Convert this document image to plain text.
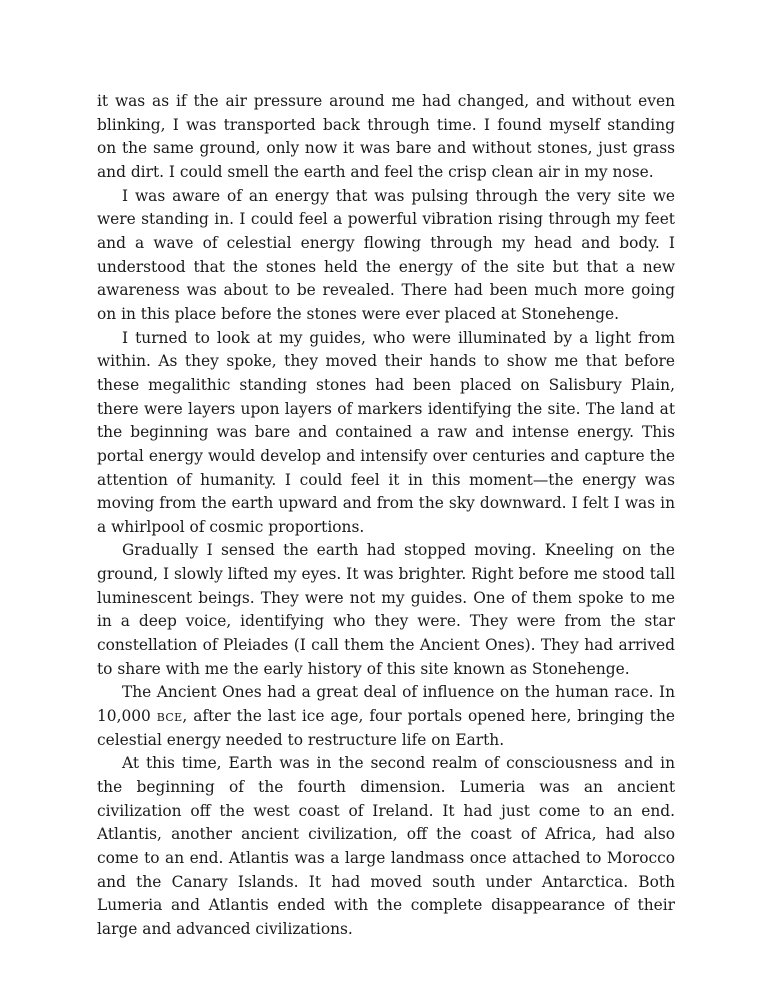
it was as if the air pressure around me had changed, and without even blinking, I was transported back through time. I found myself standing on the same ground, only now it was bare and without stones, just grass and dirt. I could smell the earth and feel the crisp clean air in my nose.

I was aware of an energy that was pulsing through the very site we were standing in. I could feel a powerful vibration rising through my feet and a wave of celestial energy flowing through my head and body. I understood that the stones held the energy of the site but that a new awareness was about to be revealed. There had been much more going on in this place before the stones were ever placed at Stonehenge.

I turned to look at my guides, who were illuminated by a light from within. As they spoke, they moved their hands to show me that before these megalithic standing stones had been placed on Salisbury Plain, there were layers upon layers of markers identifying the site. The land at the beginning was bare and contained a raw and intense energy. This portal energy would develop and intensify over centuries and capture the attention of humanity. I could feel it in this moment—the energy was moving from the earth upward and from the sky downward. I felt I was in a whirlpool of cosmic proportions.

Gradually I sensed the earth had stopped moving. Kneeling on the ground, I slowly lifted my eyes. It was brighter. Right before me stood tall luminescent beings. They were not my guides. One of them spoke to me in a deep voice, identifying who they were. They were from the star constellation of Pleiades (I call them the Ancient Ones). They had arrived to share with me the early history of this site known as Stonehenge.

The Ancient Ones had a great deal of influence on the human race. In 10,000 bce, after the last ice age, four portals opened here, bringing the celestial energy needed to restructure life on Earth.

At this time, Earth was in the second realm of consciousness and in the beginning of the fourth dimension. Lumeria was an ancient civilization off the west coast of Ireland. It had just come to an end. Atlantis, another ancient civilization, off the coast of Africa, had also come to an end. Atlantis was a large landmass once attached to Morocco and the Canary Islands. It had moved south under Antarctica. Both Lumeria and Atlantis ended with the complete disappearance of their large and advanced civilizations.
